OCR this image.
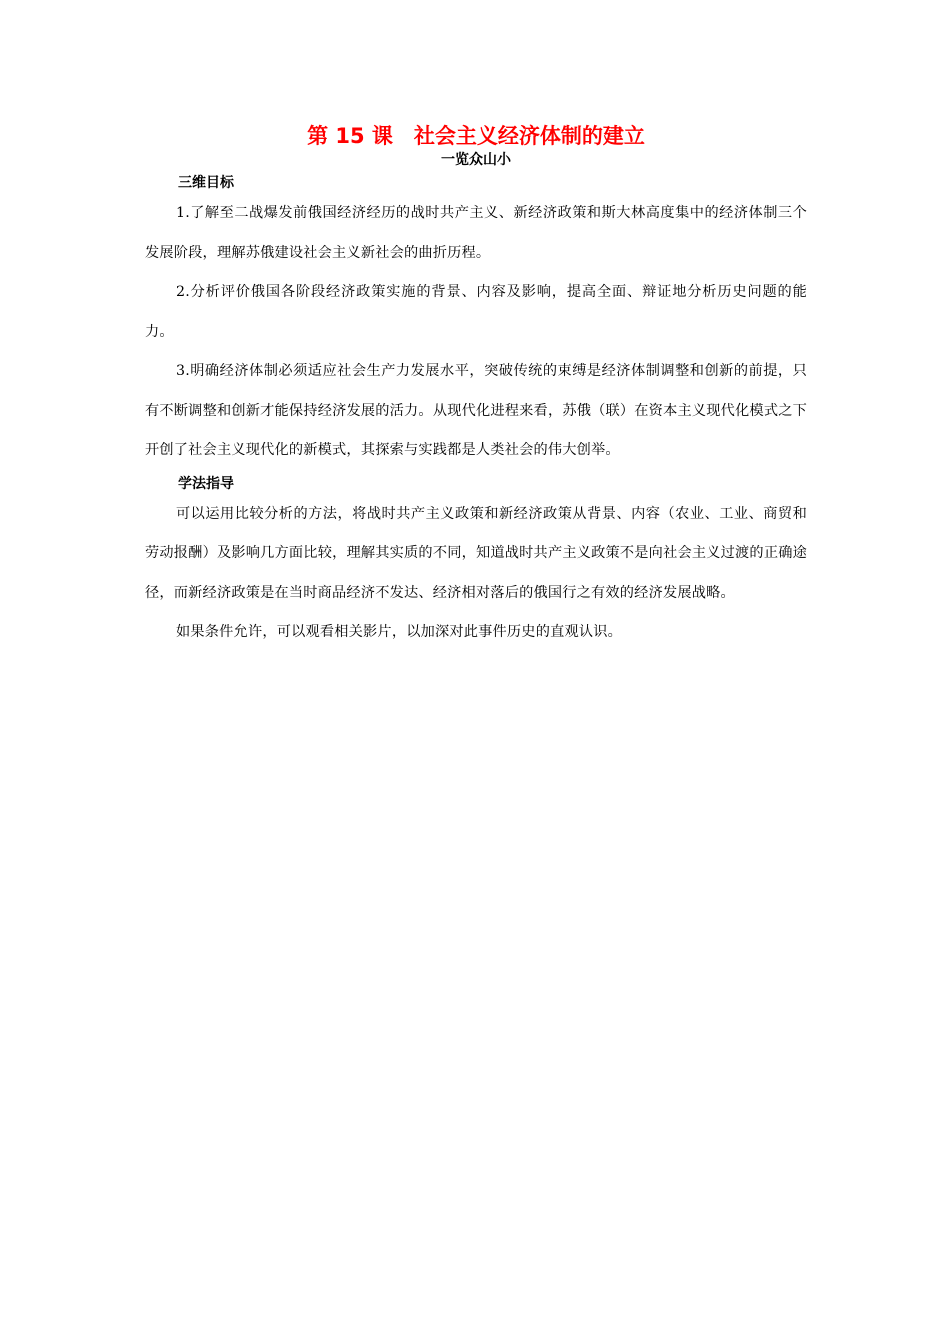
第 15 课　社会主义经济体制的建立
一览众山小
三维目标

1.了解至二战爆发前俄国经济经历的战时共产主义、新经济政策和斯大林高度集中的经济体制三个发展阶段，理解苏俄建设社会主义新社会的曲折历程。

2.分析评价俄国各阶段经济政策实施的背景、内容及影响，提高全面、辩证地分析历史问题的能力。

3.明确经济体制必须适应社会生产力发展水平，突破传统的束缚是经济体制调整和创新的前提，只有不断调整和创新才能保持经济发展的活力。从现代化进程来看，苏俄（联）在资本主义现代化模式之下开创了社会主义现代化的新模式，其探索与实践都是人类社会的伟大创举。

学法指导

可以运用比较分析的方法，将战时共产主义政策和新经济政策从背景、内容（农业、工业、商贸和劳动报酬）及影响几方面比较，理解其实质的不同，知道战时共产主义政策不是向社会主义过渡的正确途径，而新经济政策是在当时商品经济不发达、经济相对落后的俄国行之有效的经济发展战略。

如果条件允许，可以观看相关影片，以加深对此事件历史的直观认识。
